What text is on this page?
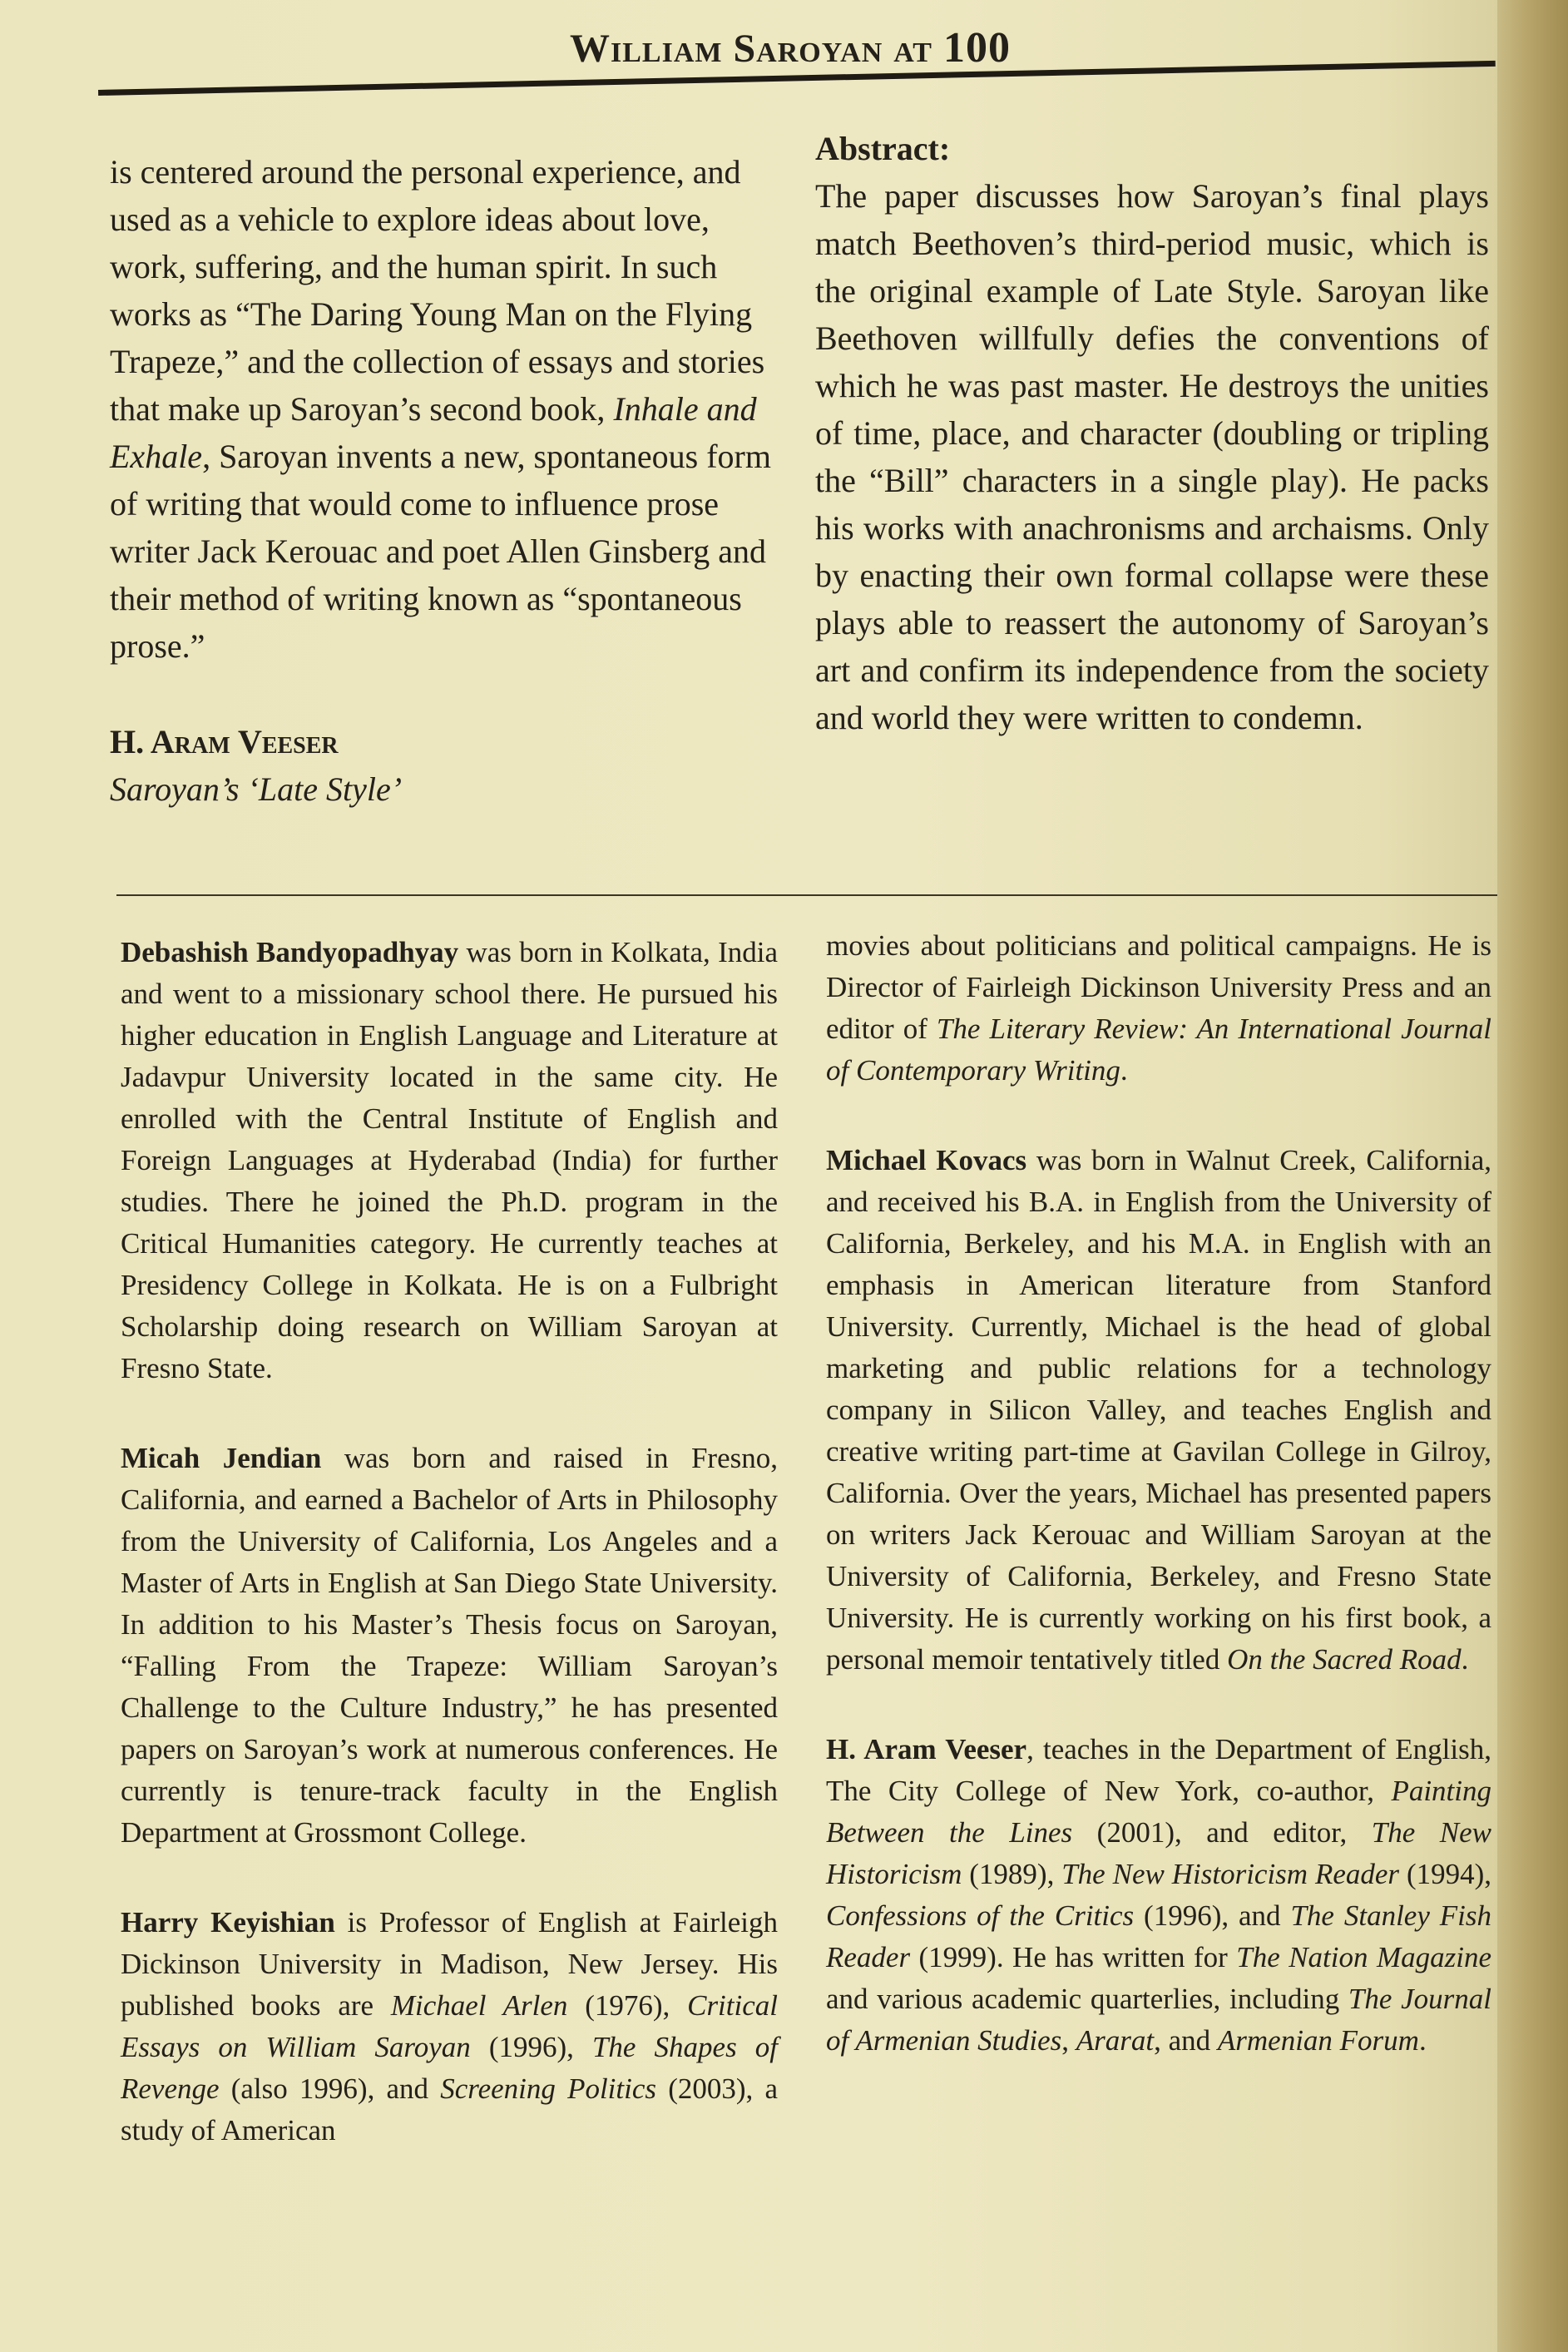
William Saroyan at 100

is centered around the personal experience, and used as a vehicle to explore ideas about love, work, suffering, and the human spirit. In such works as “The Daring Young Man on the Flying Trapeze,” and the collection of essays and stories that make up Saroyan’s second book, Inhale and Exhale, Saroyan invents a new, spontaneous form of writing that would come to influence prose writer Jack Kerouac and poet Allen Ginsberg and their method of writing known as “spontaneous prose.”

H. Aram Veeser

Saroyan’s ‘Late Style’

Abstract:

The paper discusses how Saroyan’s final plays match Beethoven’s third-period music, which is the original example of Late Style. Saroyan like Beethoven willfully defies the conventions of which he was past master. He destroys the unities of time, place, and character (doubling or tripling the “Bill” characters in a single play). He packs his works with anachronisms and archaisms. Only by enacting their own formal collapse were these plays able to reassert the autonomy of Saroyan’s art and confirm its independence from the society and world they were written to condemn.

Debashish Bandyopadhyay was born in Kolkata, India and went to a missionary school there. He pursued his higher education in English Language and Literature at Jadavpur University located in the same city. He enrolled with the Central Institute of English and Foreign Languages at Hyderabad (India) for further studies. There he joined the Ph.D. program in the Critical Humanities category. He currently teaches at Presidency College in Kolkata. He is on a Fulbright Scholarship doing research on William Saroyan at Fresno State.

Micah Jendian was born and raised in Fresno, California, and earned a Bachelor of Arts in Philosophy from the University of California, Los Angeles and a Master of Arts in English at San Diego State University. In addition to his Master’s Thesis focus on Saroyan, “Falling From the Trapeze: William Saroyan’s Challenge to the Culture Industry,” he has presented papers on Saroyan’s work at numerous conferences. He currently is tenure-track faculty in the English Department at Grossmont College.

Harry Keyishian is Professor of English at Fairleigh Dickinson University in Madison, New Jersey. His published books are Michael Arlen (1976), Critical Essays on William Saroyan (1996), The Shapes of Revenge (also 1996), and Screening Politics (2003), a study of American

movies about politicians and political campaigns. He is Director of Fairleigh Dickinson University Press and an editor of The Literary Review: An International Journal of Contemporary Writing.

Michael Kovacs was born in Walnut Creek, California, and received his B.A. in English from the University of California, Berkeley, and his M.A. in English with an emphasis in American literature from Stanford University. Currently, Michael is the head of global marketing and public relations for a technology company in Silicon Valley, and teaches English and creative writing part-time at Gavilan College in Gilroy, California. Over the years, Michael has presented papers on writers Jack Kerouac and William Saroyan at the University of California, Berkeley, and Fresno State University. He is currently working on his first book, a personal memoir tentatively titled On the Sacred Road.

H. Aram Veeser, teaches in the Department of English, The City College of New York, co-author, Painting Between the Lines (2001), and editor, The New Historicism (1989), The New Historicism Reader (1994), Confessions of the Critics (1996), and The Stanley Fish Reader (1999). He has written for The Nation Magazine and various academic quarterlies, including The Journal of Armenian Studies, Ararat, and Armenian Forum.
